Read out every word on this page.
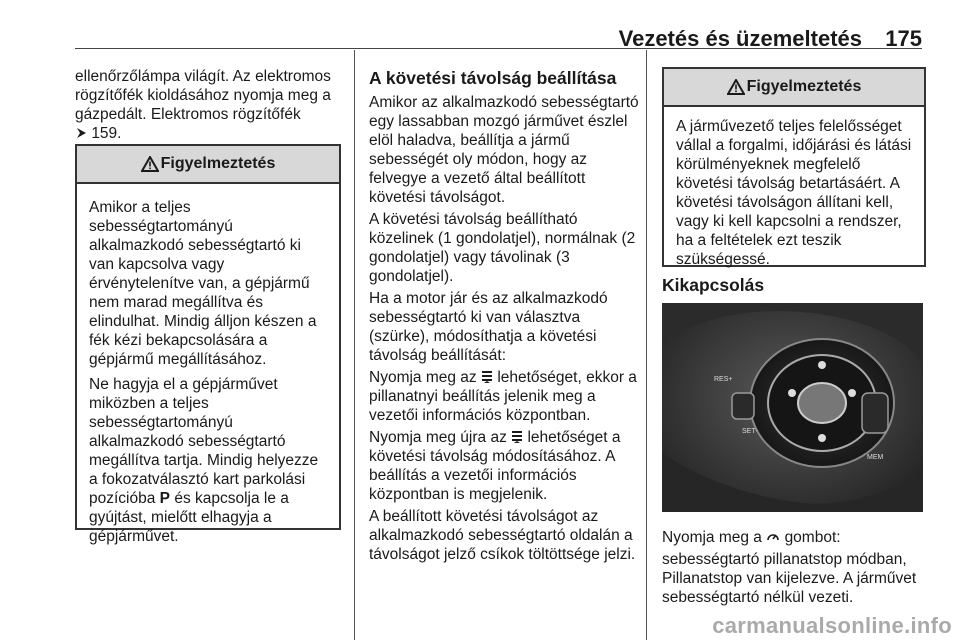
Vezetés és üzemeltetés 175

ellenőrzőlámpa világít. Az elektromos rögzítőfék kioldásához nyomja meg a gázpedált. Elektromos rögzítőfék
159.

Figyelmeztetés

Amikor a teljes sebességtartományú alkalmazkodó sebességtartó ki van kapcsolva vagy érvénytelenítve van, a gépjármű nem marad megállítva és elindulhat. Mindig álljon készen a fék kézi bekapcsolására a gépjármű megállításához.

Ne hagyja el a gépjárművet miközben a teljes sebességtartományú alkalmazkodó sebességtartó megállítva tartja. Mindig helyezze a fokozatválasztó kart parkolási pozícióba P és kapcsolja le a gyújtást, mielőtt elhagyja a gépjárművet.

A követési távolság beállítása

Amikor az alkalmazkodó sebességtartó egy lassabban mozgó járművet észlel elöl haladva, beállítja a jármű sebességét oly módon, hogy az felvegye a vezető által beállított követési távolságot.

A követési távolság beállítható közelinek (1 gondolatjel), normálnak (2 gondolatjel) vagy távolinak (3 gondolatjel).

Ha a motor jár és az alkalmazkodó sebességtartó ki van választva (szürke), módosíthatja a követési távolság beállítását:

Nyomja meg az lehetőséget, ekkor a pillanatnyi beállítás jelenik meg a vezetői információs központban.

Nyomja meg újra az lehetőséget a követési távolság módosításához. A beállítás a vezetői információs központban is megjelenik.

A beállított követési távolságot az alkalmazkodó sebességtartó oldalán a távolságot jelző csíkok töltöttsége jelzi.

Figyelmeztetés

A járművezető teljes felelősséget vállal a forgalmi, időjárási és látási körülményeknek megfelelő követési távolság betartásáért. A követési távolságon állítani kell, vagy ki kell kapcsolni a rendszer, ha a feltételek ezt teszik szükségessé.

Kikapcsolás
RES+
SET-
MEM

Nyomja meg a gombot:

sebességtartó pillanatstop módban, Pillanatstop van kijelezve. A járművet sebességtartó nélkül vezeti.

carmanualsonline.info
